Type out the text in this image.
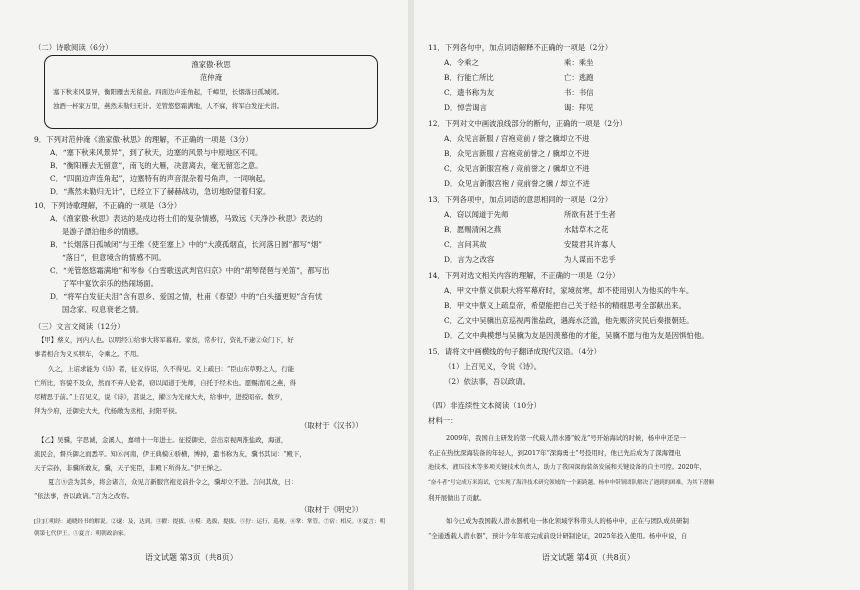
（二）诗歌阅读（6分）
渔家傲·秋思
范仲淹
塞下秋来风景异，衡阳雁去无留意。四面边声连角起，千嶂里，长烟落日孤城闭。
浊酒一杯家万里，燕然未勒归无计。羌管悠悠霜满地，人不寐，将军白发征夫泪。
9．下列对范仲淹《渔家傲·秋思》的理解，不正确的一项是（3分）
A．“塞下秋来风景异”，到了秋天，边塞的风景与中原地区不同。
B．“衡阳雁去无留意”，南飞的大雁，决意离去，毫无留恋之意。
C．“四面边声连角起”，边塞特有的声音混杂着号角声，一同响起。
D．“燕然未勒归无计”，已经立下了赫赫战功，急切地盼望着归家。
10．下列诗歌理解，不正确的一项是（3分）
A．《渔家傲·秋思》表达的是戍边将士们的复杂情感，马致远《天净沙·秋思》表达的
是游子漂泊他乡的情感。
B．“长烟落日孤城闭”与王维《使至塞上》中的“大漠孤烟直，长河落日圆”都写“烟”
“落日”，但意境含的情感不同。
C．“羌管悠悠霜满地”和岑参《白雪歌送武判官归京》中的“胡琴琵琶与羌笛”，都写出
了军中宴饮亲乐的热闹场面。
D．“将军白发征夫泪”含有思乡、爱国之情，杜甫《春望》中的“白头搔更短”含有忧
国念家、叹息衰老之情。
（三）文言文阅读（12分）
【甲】蔡义，河内人也。以明经①给事大将军幕府。家贫，常步行，资礼不逮②众门下，好
事者相合为义买犊车，令乘之。不用。
久之，上诏求能为《诗》者，征义待诏，久不得见。义上疏曰：“臣山东草野之人，行能
亡所比，容貌不及众，然而不弃人伦者，窃以闻道于先师，自托于经术也。愿赐清闲之燕，得
尽精思于前。”上召见义，说《诗》，甚说之，擢③为光禄大夫，给事中，进授昭帝。数岁，
拜为少府，迁御史大夫，代杨敞为丞相，封阳平侯。
（取材于《汉书》）
【乙】吴骥，字思诚，金溪人，嘉靖十一年进士。征授御史，尝出京视两淮盐政，海道，
流民会，督兵御之而悉平。知⑥河南，伊王典模④骄横，博掉，遣书称为友，骥书其词：“殿下，
天子宗孙，非骥所敢友，骥，天子宪臣，非殿下所得友。”伊王惮之。
夏言⑤尝为其乡，将会诸言，众见言新服宫袍竞前扑令之，骥却立不进。言问其故，曰：
“依法事，吾以政请。”言为之改容。
（取材于《明史》）
[注]①明经：通晓经书的解说。②逮：及，达到。③擢：提拔。④模：选拔，提拔。⑤狞：运行，巡视。⑥掌：掌管。⑦宿：相反。⑧夏言：明
朝第七代伊王。⑤夏言：明朝政治家。
语文试题 第3页（共8页）
11．下列各句中，加点词语解释不正确的一项是（2分）
A．令乘之	乘：乘坐
B．行能亡所比	亡：逃跑
C．遗书称为友	书：书信
D．悼尝谒言	谒：拜见
12．下列对文中画波浪线部分的断句，正确的一项是（2分）
A．众见言新服 / 宫袍竞前 / 誉之骥却立不进
B．众见言新服 / 宫袍竞前誉之 / 骥却立不进
C．众见言新服宫袍 / 竞前誉之 / 骥却立不进
D．众见言新服宫袍 / 竞前誉之骥 / 却立不进
13．下列各项中，加点词语的意思相同的一项是（2分）
A．窃以闻道于先师	所欲有甚于生者
B．愿赐清闲之燕	水陆草木之花
C．言问其故	安陵君其许寡人
D．言为之改容	为人谋而不忠乎
14．下列对选文相关内容的理解，不正确的一项是（2分）
A．甲文中蔡义供职大将军幕府时，家境贫寒，却不使用别人为他买的牛车。
B．甲文中蔡义上疏皇帝，希望能把自己关于经书的精细思考全部献出来。
C．乙文中吴骥出京巡视两淮盐政，遇海水泛滥，他先赈济灾民后奏报朝廷。
D．乙文中典模想与吴骥为友是因羡慕他的才能，吴骥不愿与他为友是因惧怕他。
15．请将文中画横线的句子翻译成现代汉语。（4分）
（1）上召见义，令说《诗》。
（2）依法事，吾以政请。
（四）非连续性文本阅读（10分）
材料一：
2009年，我国自主研发的第一代载人潜水器“蛟龙”号开始海试的时候，杨申申还是一
名正在热忱深海装备的年轻人，到2017年“深海勇士”号投用时，他已先后成为了深海锂电
池技术、液压技术等多项关键技术负责人，助力了我国深海装备发展和关键设备的自主可控。2020年，
“奋斗者”号完成万米海试，它实现了海洋技术研究领域的一个新跨越，杨申申带领团队解决了遇到的困难，为其下潜顺
利开展做出了贡献。
如今已成为我国载人潜水器机电一体化领域学科带头人的杨申申，正在与团队成员研制
“全通透载人潜水器”，预计今年年底完成前设计研制论证，2025年投入使用。杨申申说，自
语文试题 第4页（共8页）
